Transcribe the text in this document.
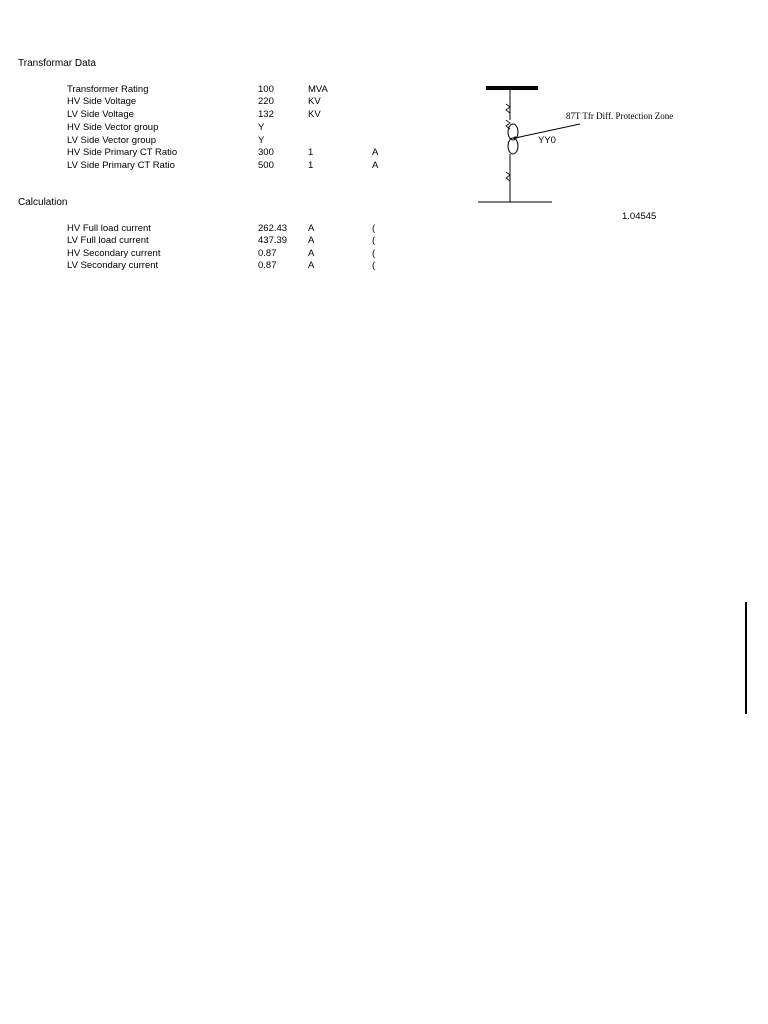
Transformar Data
Transformer Rating	100	MVA
HV Side Voltage	220	KV
LV Side Voltage	132	KV
HV Side Vector group	Y
LV Side Vector group	Y
HV Side Primary CT Ratio	300	1	A
LV Side Primary CT Ratio	500	1	A
Calculation
HV Full load current	262.43 A	(
LV Full load current	437.39 A	(
HV Secondary current	0.87	A	(
LV Secondary current	0.87	A	(
87T Tfr Diff. Protection Zone
YY0
1.04545
